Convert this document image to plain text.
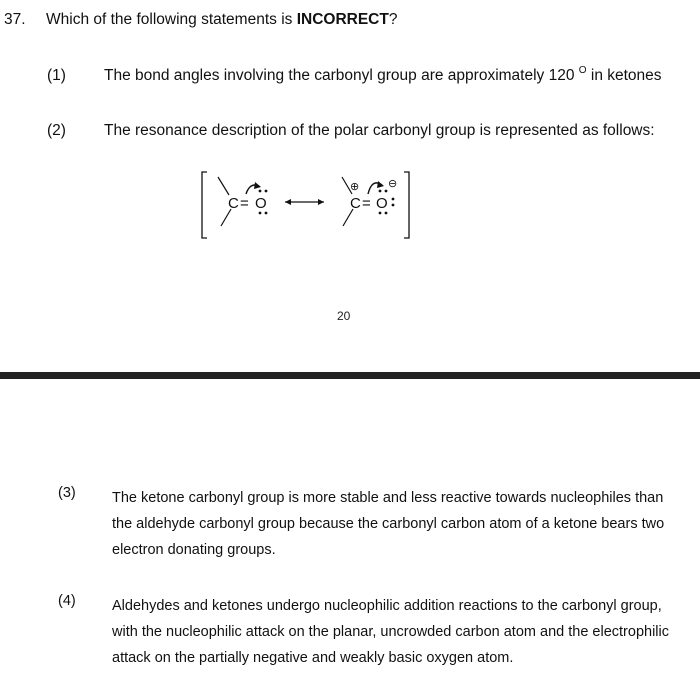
37. Which of the following statements is INCORRECT?
(1) The bond angles involving the carbonyl group are approximately 120 $^O$ in ketones
(2) The resonance description of the polar carbonyl group is represented as follows:
C = O
⊕
C = O
⊖
20
(3)	The ketone carbonyl group is more stable and less reactive towards nucleophiles than the aldehyde carbonyl group because the carbonyl carbon atom of a ketone bears two electron donating groups.
(4)	Aldehydes and ketones undergo nucleophilic addition reactions to the carbonyl group, with the nucleophilic attack on the planar, uncrowded carbon atom and the electrophilic attack on the partially negative and weakly basic oxygen atom.
